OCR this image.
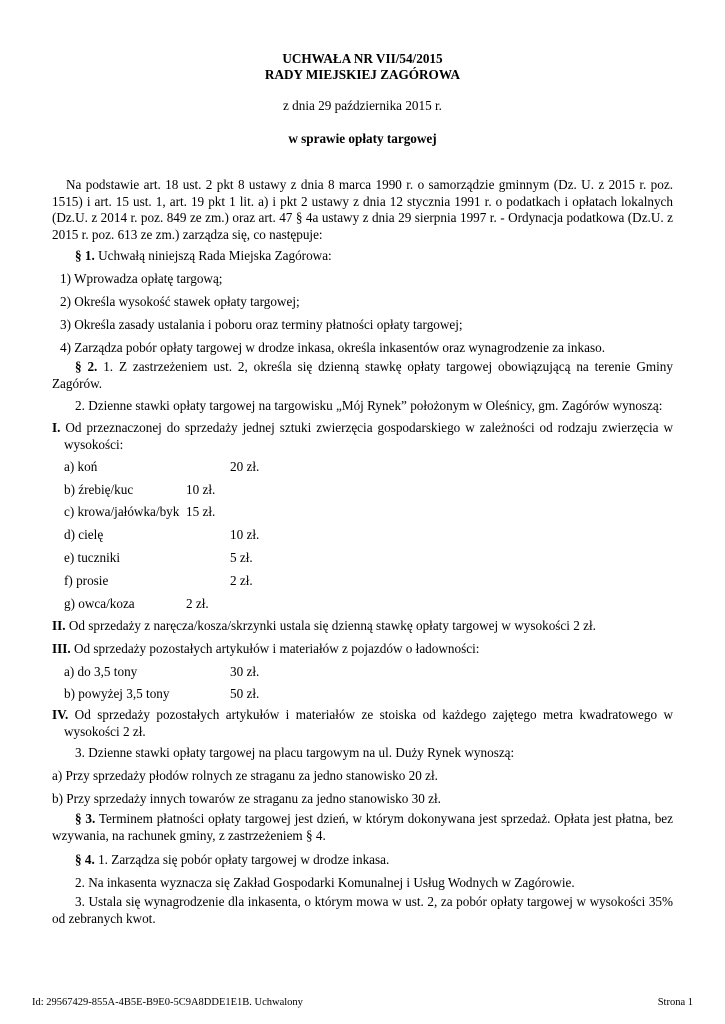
UCHWAŁA NR VII/54/2015
RADY MIEJSKIEJ ZAGÓROWA
z dnia 29 października 2015 r.
w sprawie opłaty targowej
Na podstawie art. 18 ust. 2 pkt 8 ustawy z dnia 8 marca 1990 r. o samorządzie gminnym (Dz. U. z 2015 r. poz. 1515) i art. 15 ust. 1, art. 19 pkt 1 lit. a) i pkt 2 ustawy z dnia 12 stycznia 1991 r. o podatkach i opłatach lokalnych (Dz.U. z 2014 r. poz. 849 ze zm.) oraz art. 47 § 4a ustawy z dnia 29 sierpnia 1997 r. - Ordynacja podatkowa (Dz.U. z 2015 r. poz. 613 ze zm.) zarządza się, co następuje:
§ 1. Uchwałą niniejszą Rada Miejska Zagórowa:
1) Wprowadza opłatę targową;
2) Określa wysokość stawek opłaty targowej;
3) Określa zasady ustalania i poboru oraz terminy płatności opłaty targowej;
4) Zarządza pobór opłaty targowej w drodze inkasa, określa inkasentów oraz wynagrodzenie za inkaso.
§ 2. 1. Z zastrzeżeniem ust. 2, określa się dzienną stawkę opłaty targowej obowiązującą na terenie Gminy Zagórów.
2. Dzienne stawki opłaty targowej na targowisku „Mój Rynek” położonym w Oleśnicy, gm. Zagórów wynoszą:
I. Od przeznaczonej do sprzedaży jednej sztuki zwierzęcia gospodarskiego w zależności od rodzaju zwierzęcia w wysokości:
a) koń	20 zł.
b) źrebię/kuc	10 zł.
c) krowa/jałówka/byk 15 zł.
d) cielę	10 zł.
e) tuczniki	5 zł.
f) prosie	2 zł.
g) owca/koza	2 zł.
II. Od sprzedaży z naręcza/kosza/skrzynki ustala się dzienną stawkę opłaty targowej w wysokości 2 zł.
III. Od sprzedaży pozostałych artykułów i materiałów z pojazdów o ładowności:
a) do 3,5 tony	30 zł.
b) powyżej 3,5 tony	50 zł.
IV. Od sprzedaży pozostałych artykułów i materiałów ze stoiska od każdego zajętego metra kwadratowego w wysokości 2 zł.
3. Dzienne stawki opłaty targowej na placu targowym na ul. Duży Rynek wynoszą:
a) Przy sprzedaży płodów rolnych ze straganu za jedno stanowisko 20 zł.
b) Przy sprzedaży innych towarów ze straganu za jedno stanowisko 30 zł.
§ 3. Terminem płatności opłaty targowej jest dzień, w którym dokonywana jest sprzedaż. Opłata jest płatna, bez wzywania, na rachunek gminy, z zastrzeżeniem § 4.
§ 4. 1. Zarządza się pobór opłaty targowej w drodze inkasa.
2. Na inkasenta wyznacza się Zakład Gospodarki Komunalnej i Usług Wodnych w Zagórowie.
3. Ustala się wynagrodzenie dla inkasenta, o którym mowa w ust. 2, za pobór opłaty targowej w wysokości 35% od zebranych kwot.
Id: 29567429-855A-4B5E-B9E0-5C9A8DDE1E1B. Uchwalony	Strona 1
